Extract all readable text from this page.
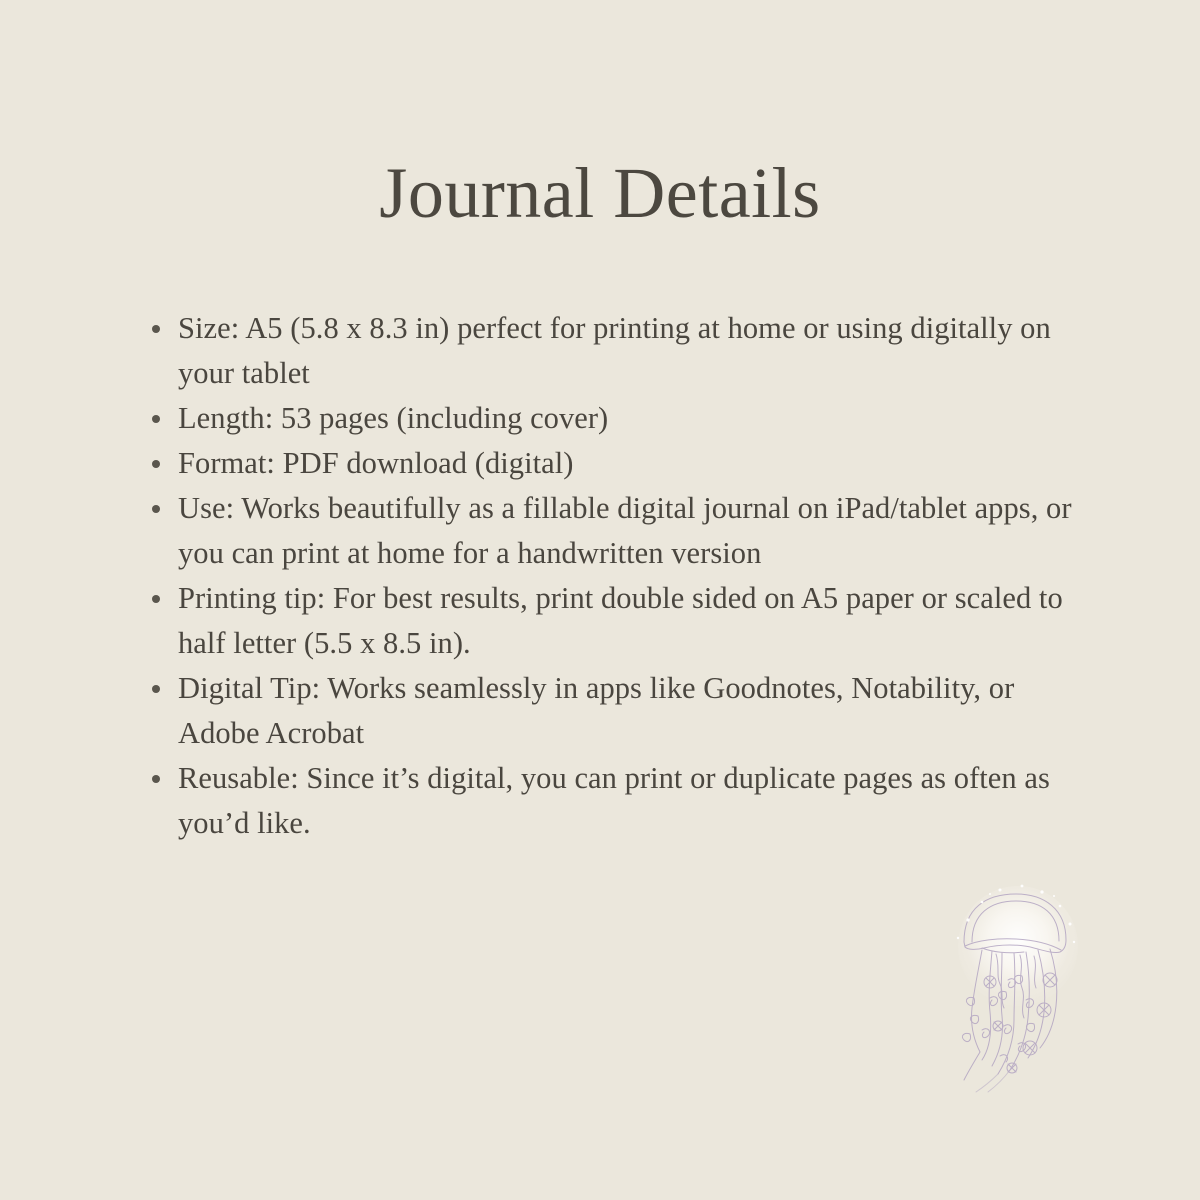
Journal Details
Size: A5 (5.8 x 8.3 in) perfect for printing at home or using digitally on your tablet
Length: 53 pages (including cover)
Format: PDF download (digital)
Use: Works beautifully as a fillable digital journal on iPad/tablet apps, or you can print at home for a handwritten version
Printing tip: For best results, print double sided on A5 paper or scaled to half letter (5.5 x 8.5 in).
Digital Tip: Works seamlessly in apps like Goodnotes, Notability, or Adobe Acrobat
Reusable: Since it’s digital, you can print or duplicate pages as often as you’d like.
